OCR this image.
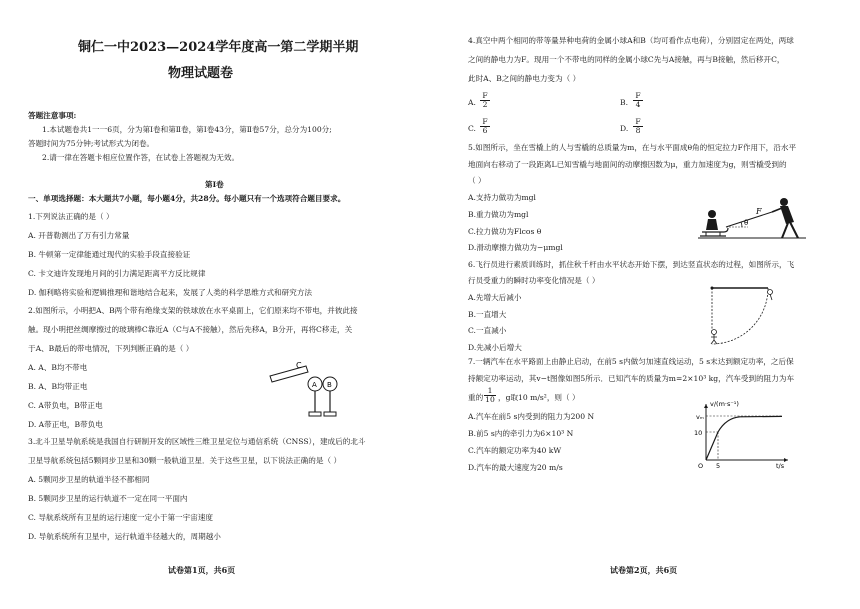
铜仁一中2023—2024学年度高一第二学期半期
物理试题卷
答题注意事项:
1.本试题卷共1一一6页，分为第Ⅰ卷和第Ⅱ卷，第Ⅰ卷43分，第Ⅱ卷57分，总分为100分;
答题时间为75分钟;考试形式为闭卷。
2.请一律在答题卡相应位置作答，在试卷上答题视为无效。
第Ⅰ卷
一、单项选择题：本大题共7小题，每小题4分，共28分。每小题只有一个选项符合题目要求。
1.下列说法正确的是（ ）
A. 开普勒测出了万有引力常量
B. 牛顿第一定律能通过现代的实验手段直接验证
C. 卡文迪许发现地月间的引力满足距离平方反比规律
D. 伽利略将实验和逻辑推理和谐地结合起来，发展了人类的科学思维方式和研究方法
2.如图所示，小明把A、B两个带有绝缘支架的铁球放在水平桌面上，它们原来均不带电，并彼此接
触。现小明把丝绸摩擦过的玻璃棒C靠近A（C与A不接触），然后先移A，B分开，再将C移走，关
于A、B最后的带电情况，下列判断正确的是（ ）
A. A、B均不带电
B. A、B均带正电
C. A带负电，B带正电
D. A带正电，B带负电
C
A B
3.北斗卫星导航系统是我国自行研制开发的区域性三维卫星定位与通信系统（CNSS），建成后的北斗
卫星导航系统包括5颗同步卫星和30颗一般轨道卫星．关于这些卫星，以下说法正确的是（ ）
A. 5颗同步卫星的轨道半径不都相同
B. 5颗同步卫星的运行轨道不一定在同一平面内
C. 导航系统所有卫星的运行速度一定小于第一宇宙速度
D. 导航系统所有卫星中，运行轨道半径越大的，周期越小
试卷第1页，共6页
4.真空中两个相同的带等量异种电荷的金属小球A和B（均可看作点电荷），分别固定在两处，两球
之间的静电力为F。现用一个不带电的同样的金属小球C先与A接触，再与B接触，然后移开C，
此时A、B之间的静电力变为（ ）
A. $\frac{F}{2}$	B. $\frac{F}{4}$
C. $\frac{F}{6}$	D. $\frac{F}{8}$
5.如图所示，坐在雪橇上的人与雪橇的总质量为m，在与水平面成θ角的恒定拉力F作用下，沿水平
地面向右移动了一段距离L已知雪橇与地面间的动摩擦因数为μ，重力加速度为g，则雪橇受到的
（ ）
A.支持力做功为mgl
B.重力做功为mgl
C.拉力做功为Flcos θ
D.滑动摩擦力做功为−μmgl
θ
F
6.飞行员进行素质训练时，抓住秋千杆由水平状态开始下摆，到达竖直状态的过程，如图所示，飞
行员受重力的瞬时功率变化情况是（ ）
A.先增大后减小
B.一直增大
C.一直减小
D.先减小后增大
7.一辆汽车在水平路面上由静止启动，在前5 s内做匀加速直线运动，5 s末达到额定功率，之后保
持额定功率运动，其v−t图像如图5所示．已知汽车的质量为m=2×10³ kg，汽车受到的阻力为车
重的 $\frac{1}{10}$ ，g取10 m/s²，则（ ）
A.汽车在前5 s内受到的阻力为200 N
B.前5 s内的牵引力为6×10³ N
C.汽车的额定功率为40 kW
D.汽车的最大速度为20 m/s
v/(m·s⁻¹)
vₘ
10
O 5	t/s
试卷第2页，共6页
